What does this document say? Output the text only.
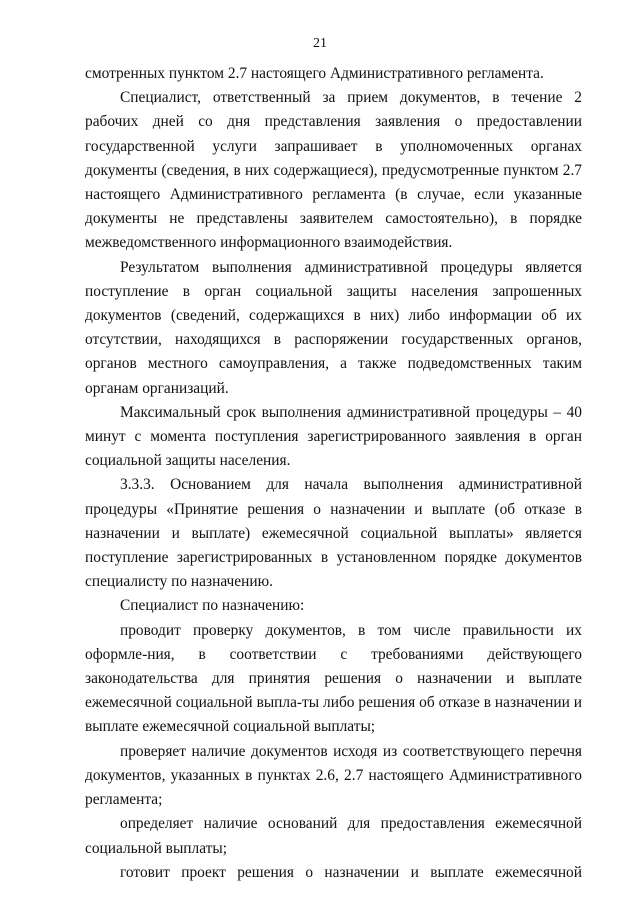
21

смотренных пунктом 2.7 настоящего Административного регламента.

Специалист, ответственный за прием документов, в течение 2 рабочих дней со дня представления заявления о предоставлении государственной услуги запрашивает в уполномоченных органах документы (сведения, в них содержащиеся), предусмотренные пунктом 2.7 настоящего Административного регламента (в случае, если указанные документы не представлены заявителем самостоятельно), в порядке межведомственного информационного взаимодействия.

Результатом выполнения административной процедуры является поступление в орган социальной защиты населения запрошенных документов (сведений, содержащихся в них) либо информации об их отсутствии, находящихся в распоряжении государственных органов, органов местного самоуправления, а также подведомственных таким органам организаций.

Максимальный срок выполнения административной процедуры – 40 минут с момента поступления зарегистрированного заявления в орган социальной защиты населения.

3.3.3. Основанием для начала выполнения административной процедуры «Принятие решения о назначении и выплате (об отказе в назначении и выплате) ежемесячной социальной выплаты» является поступление зарегистрированных в установленном порядке документов специалисту по назначению.

Специалист по назначению:

проводит проверку документов, в том числе правильности их оформле-ния, в соответствии с требованиями действующего законодательства для принятия решения о назначении и выплате ежемесячной социальной выпла-ты либо решения об отказе в назначении и выплате ежемесячной социальной выплаты;

проверяет наличие документов исходя из соответствующего перечня документов, указанных в пунктах 2.6, 2.7 настоящего Административного регламента;

определяет наличие оснований для предоставления ежемесячной социальной выплаты;

готовит проект решения о назначении и выплате ежемесячной
